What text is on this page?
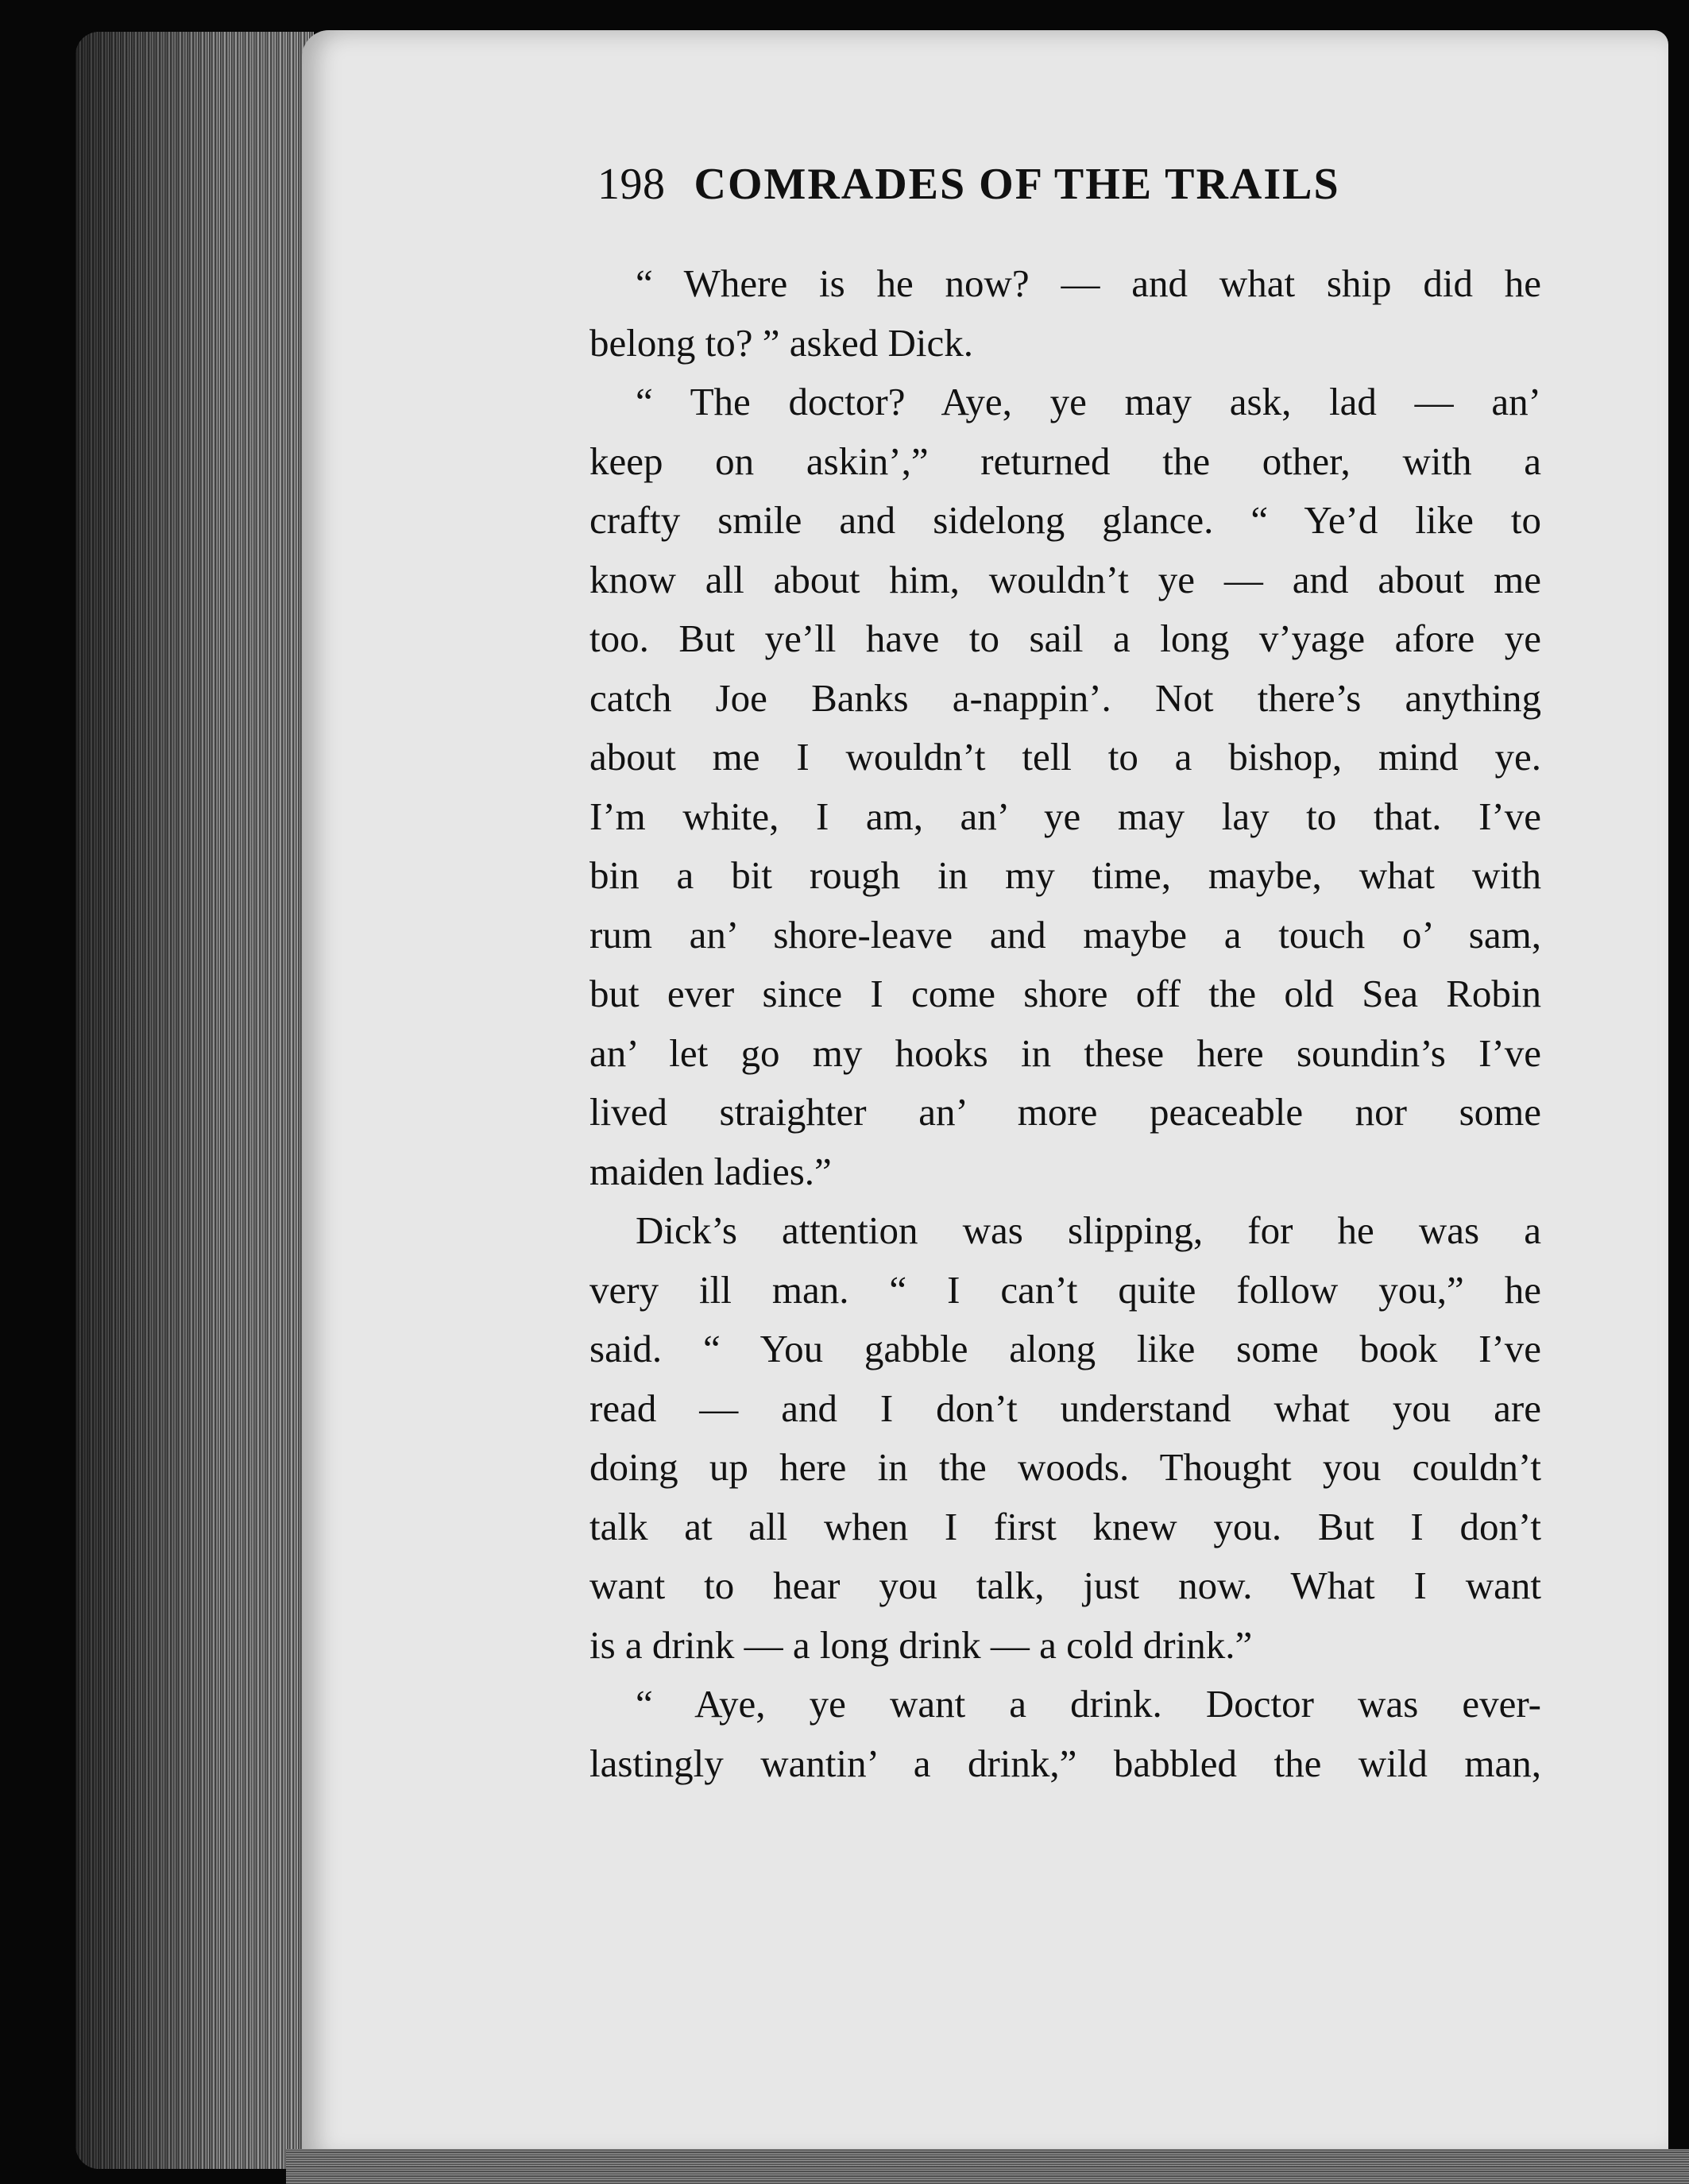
198 COMRADES OF THE TRAILS
“ Where is he now? — and what ship did he
belong to? ” asked Dick.
“ The doctor? Aye, ye may ask, lad — an’
keep on askin’,” returned the other, with a
crafty smile and sidelong glance. “ Ye’d like to
know all about him, wouldn’t ye — and about me
too. But ye’ll have to sail a long v’yage afore ye
catch Joe Banks a-nappin’. Not there’s anything
about me I wouldn’t tell to a bishop, mind ye.
I’m white, I am, an’ ye may lay to that. I’ve
bin a bit rough in my time, maybe, what with
rum an’ shore-leave and maybe a touch o’ sam,
but ever since I come shore off the old Sea Robin
an’ let go my hooks in these here soundin’s I’ve
lived straighter an’ more peaceable nor some
maiden ladies.”
Dick’s attention was slipping, for he was a
very ill man. “ I can’t quite follow you,” he
said. “ You gabble along like some book I’ve
read — and I don’t understand what you are
doing up here in the woods. Thought you couldn’t
talk at all when I first knew you. But I don’t
want to hear you talk, just now. What I want
is a drink — a long drink — a cold drink.”
“ Aye, ye want a drink. Doctor was ever-
lastingly wantin’ a drink,” babbled the wild man,
